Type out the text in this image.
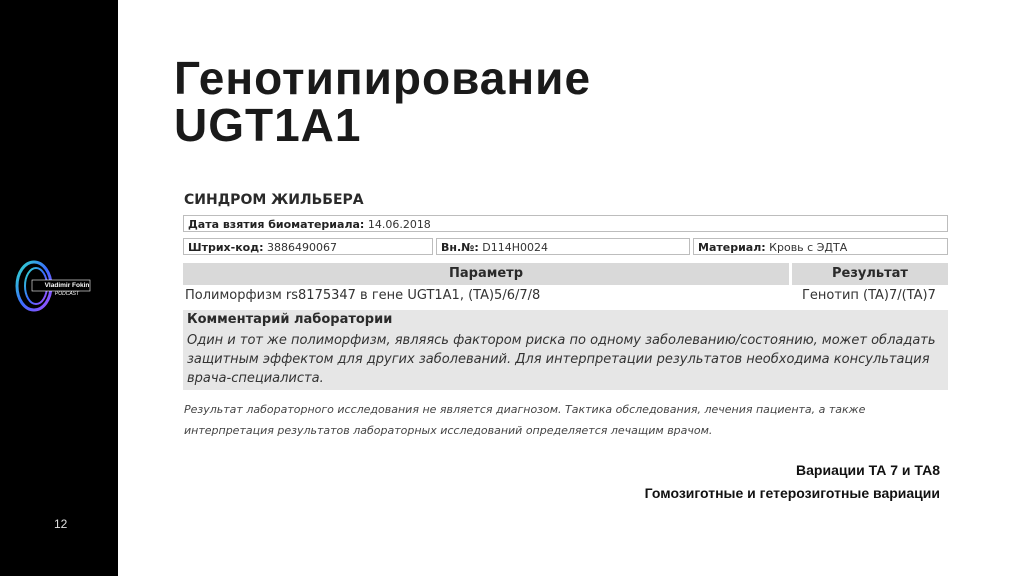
Vladimir Fokin
PODCAST
12
Генотипирование
UGT1A1
СИНДРОМ ЖИЛЬБЕРА
Дата взятия биоматериала: 14.06.2018
Штрих-код: 3886490067	Вн.№: D114H0024	Материал: Кровь с ЭДТА
Параметр	Результат
Полиморфизм rs8175347 в гене UGT1A1, (TA)5/6/7/8	Генотип (TA)7/(TA)7
Комментарий лаборатории
Один и тот же полиморфизм, являясь фактором риска по одному заболеванию/состоянию, может обладать защитным эффектом для других заболеваний. Для интерпретации результатов необходима консультация врача-специалиста.
Результат лабораторного исследования не является диагнозом. Тактика обследования, лечения пациента, а также интерпретация результатов лабораторных исследований определяется лечащим врачом.
Вариации ТА 7 и ТА8
Гомозиготные и гетерозиготные вариации
